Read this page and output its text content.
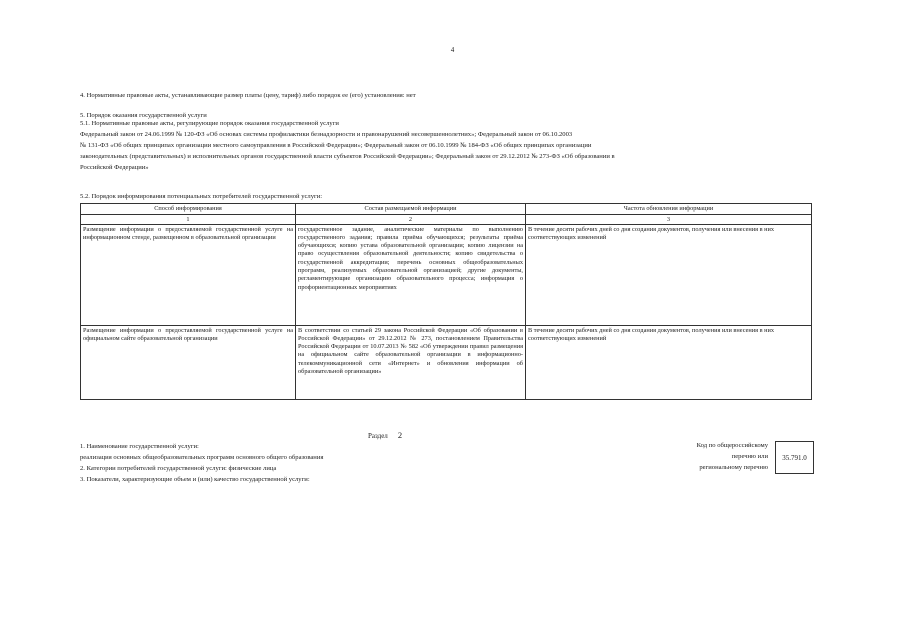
4
4. Нормативные правовые акты, устанавливающие размер платы (цену, тариф) либо порядок ее (его) установления: нет
5. Порядок оказания государственной услуги
5.1. Нормативные правовые акты, регулирующие порядок оказания государственной услуги
Федеральный закон от 24.06.1999 № 120-ФЗ «Об основах системы профилактики безнадзорности и правонарушений несовершеннолетних»; Федеральный закон от 06.10.2003
№ 131-ФЗ «Об общих принципах организации местного самоуправления в Российской Федерации»; Федеральный закон от 06.10.1999 № 184-ФЗ «Об общих принципах организации
законодательных (представительных) и исполнительных органов государственной власти субъектов Российской Федерации»; Федеральный закон от 29.12.2012 № 273-ФЗ «Об образовании в
Российской Федерации»
5.2. Порядок информирования потенциальных потребителей государственной услуги:
Способ информирования	Состав размещаемой информации	Частота обновления информации
1	2	3
Размещение информации о предоставляемой государственной услуге на информационном стенде, размещенном в образовательной организации	государственное задание, аналитические материалы по выполнению государственного задания; правила приёма обучающихся; результаты приёма обучающихся; копию устава образовательной организации; копию лицензии на право осуществления образовательной деятельности; копию свидетельства о государственной аккредитации; перечень основных общеобразовательных программ, реализуемых образовательной организацией; другие документы, регламентирующие организацию образовательного процесса; информация о профориентационных мероприятиях	В течение десяти рабочих дней со дня создания документов, получения или внесения в них соответствующих изменений
Размещение информации о предоставляемой государственной услуге на официальном сайте образовательной организации	В соответствии со статьей 29 закона Российской Федерации «Об образовании в Российской Федерации» от 29.12.2012 № 273, постановлением Правительства Российской Федерации от 10.07.2013 № 582 «Об утверждении правил размещения на официальном сайте образовательной организации в информационно-телекоммуникационной сети «Интернет» и обновления информации об образовательной организации»	В течение десяти рабочих дней со дня создания документов, получения или внесения в них соответствующих изменений
Раздел 2
1. Наименование государственной услуги:
реализация основных общеобразовательных программ основного общего образования
2. Категории потребителей государственной услуги: физические лица
3. Показатели, характеризующие объем и (или) качество государственной услуги:
Код по общероссийскому
перечню или
региональному перечню
35.791.0
